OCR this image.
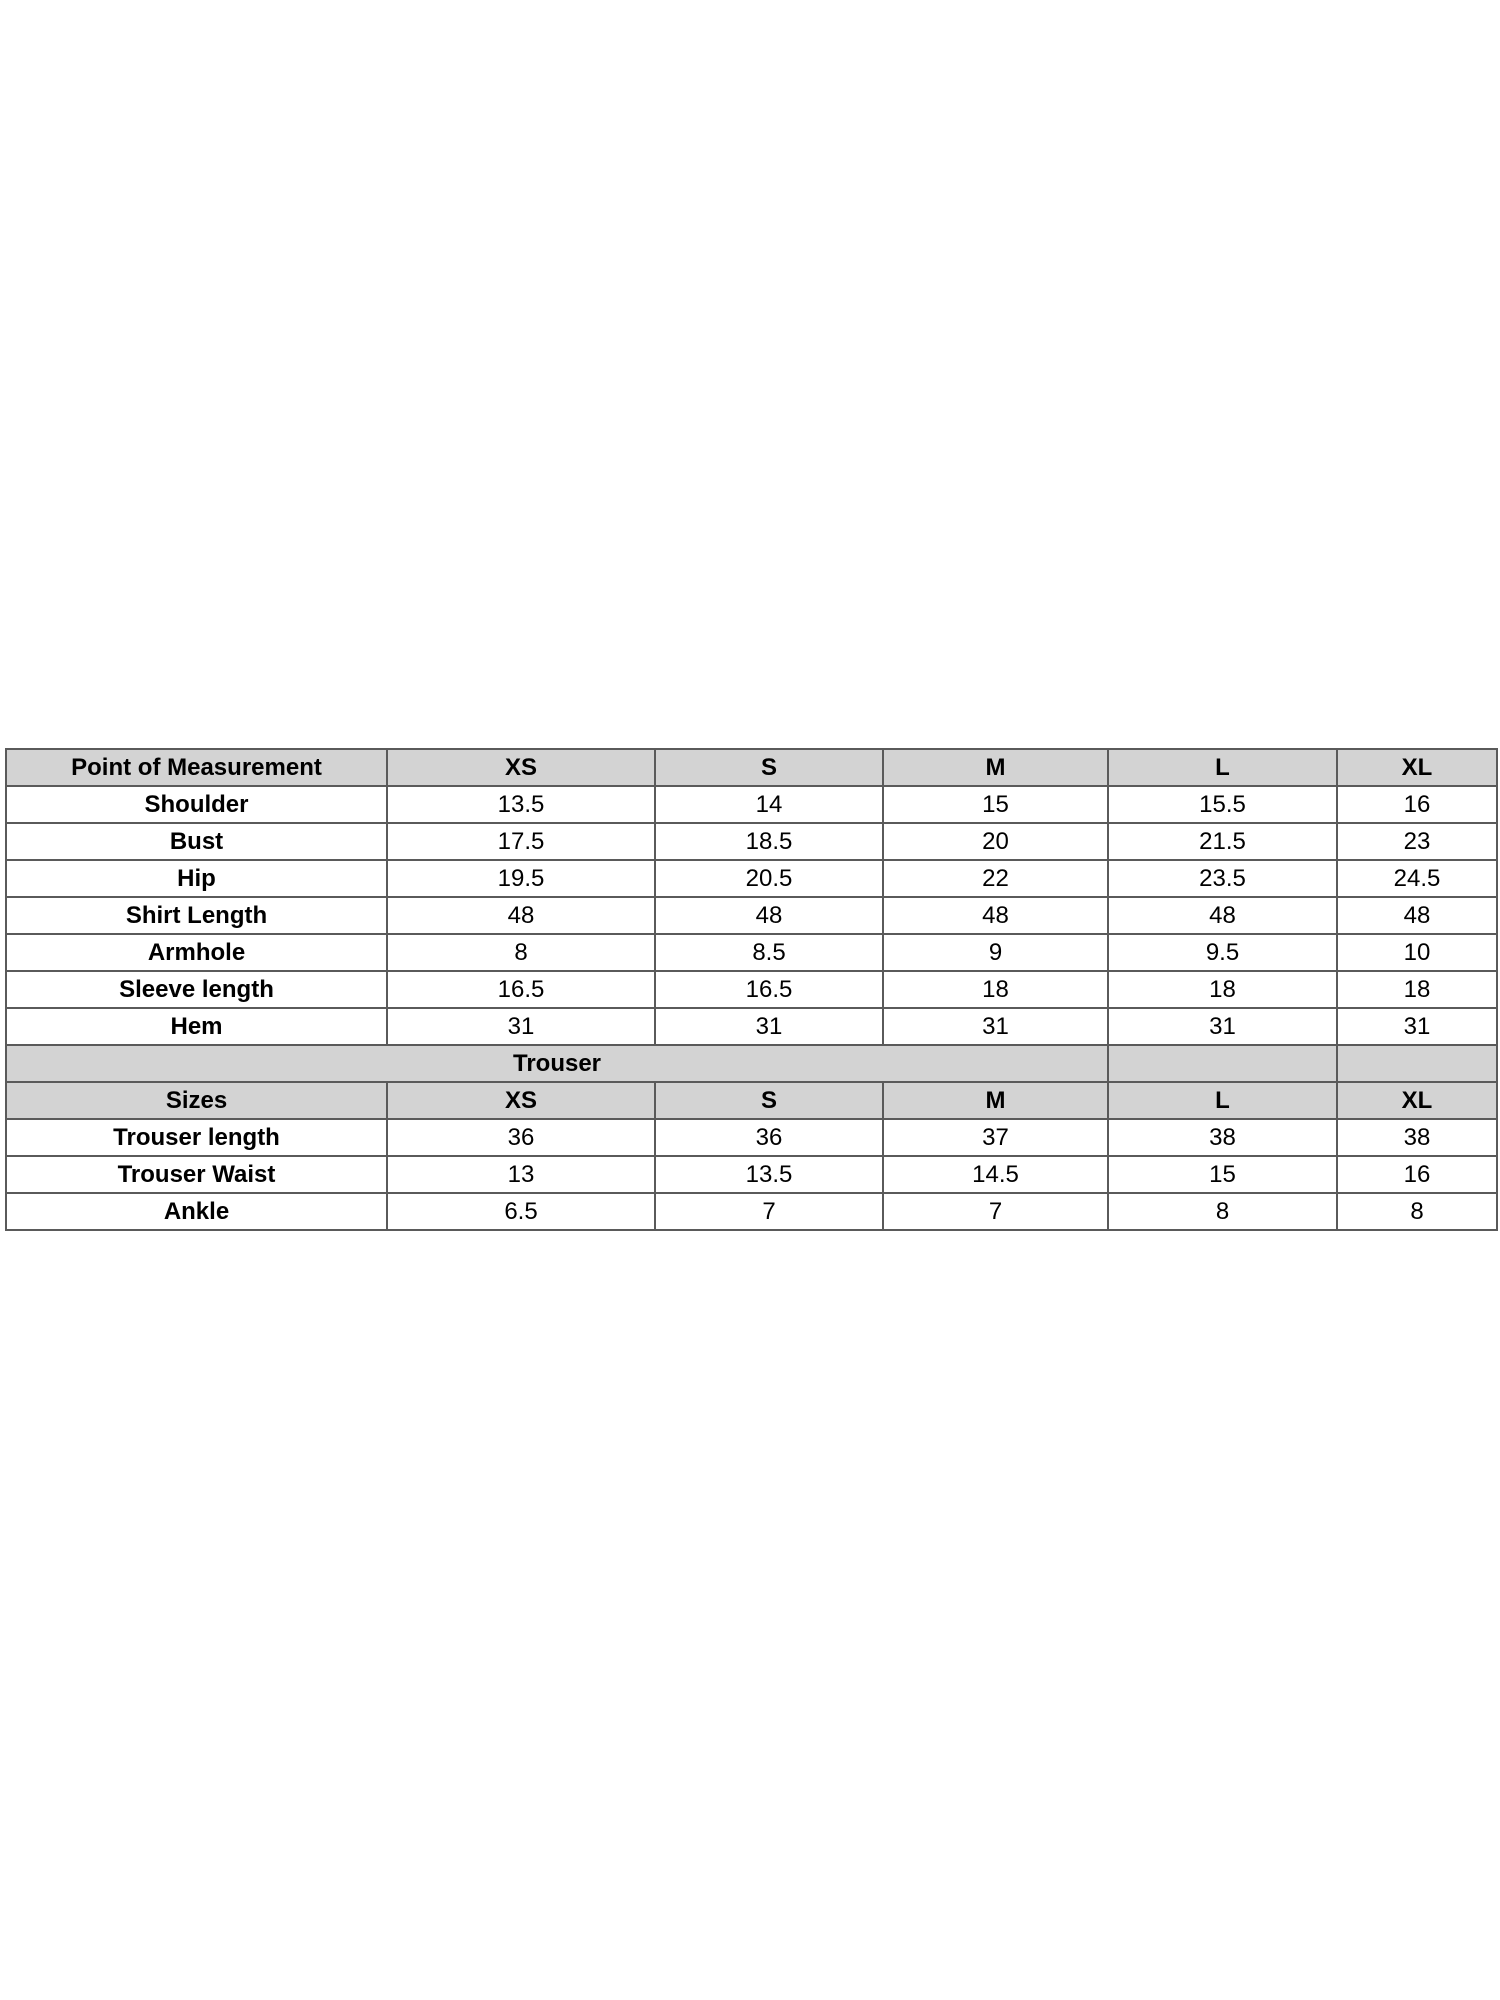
Point of Measurement	XS	S	M	L	XL
Shoulder	13.5	14	15	15.5	16
Bust	17.5	18.5	20	21.5	23
Hip	19.5	20.5	22	23.5	24.5
Shirt Length	48	48	48	48	48
Armhole	8	8.5	9	9.5	10
Sleeve length	16.5	16.5	18	18	18
Hem	31	31	31	31	31
Trouser					
Sizes	XS	S	M	L	XL
Trouser length	36	36	37	38	38
Trouser Waist	13	13.5	14.5	15	16
Ankle	6.5	7	7	8	8
